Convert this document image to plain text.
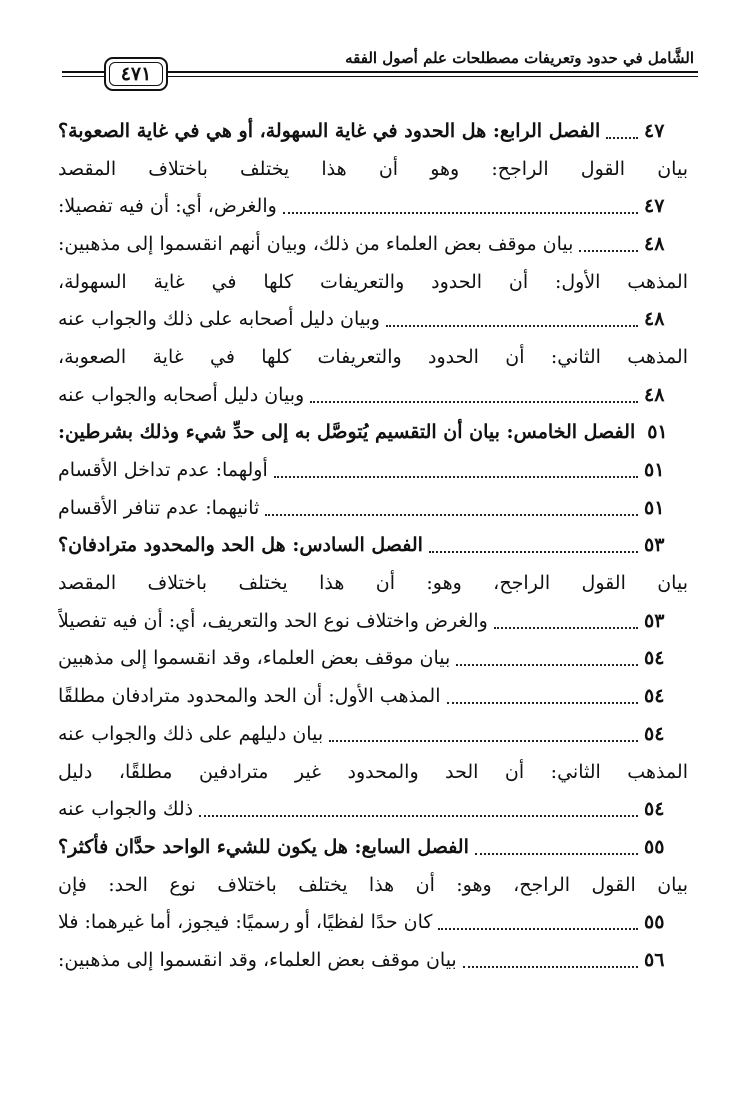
الشَّامل في حدود وتعريفات مصطلحات علم أصول الفقه
٤٧١
الفصل الرابع: هل الحدود في غاية السهولة، أو هي في غاية الصعوبة؟ ٤٧
بيان القول الراجح: وهو أن هذا يختلف باختلاف المقصد
والغرض، أي: أن فيه تفصيلا:	٤٧
بيان موقف بعض العلماء من ذلك، وبيان أنهم انقسموا إلى مذهبين:	٤٨
المذهب الأول: أن الحدود والتعريفات كلها في غاية السهولة،
وبيان دليل أصحابه على ذلك والجواب عنه	٤٨
المذهب الثاني: أن الحدود والتعريفات كلها في غاية الصعوبة،
وبيان دليل أصحابه والجواب عنه	٤٨
الفصل الخامس: بيان أن التقسيم يُتوصَّل به إلى حدِّ شيء وذلك بشرطين: ٥١
أولهما: عدم تداخل الأقسام	٥١
ثانيهما: عدم تنافر الأقسام	٥١
الفصل السادس: هل الحد والمحدود مترادفان؟	٥٣
بيان القول الراجح، وهو: أن هذا يختلف باختلاف المقصد
والغرض واختلاف نوع الحد والتعريف، أي: أن فيه تفصيلاً	٥٣
بيان موقف بعض العلماء، وقد انقسموا إلى مذهبين	٥٤
المذهب الأول: أن الحد والمحدود مترادفان مطلقًا	٥٤
بيان دليلهم على ذلك والجواب عنه	٥٤
المذهب الثاني: أن الحد والمحدود غير مترادفين مطلقًا، دليل
ذلك والجواب عنه	٥٤
الفصل السابع: هل يكون للشيء الواحد حدَّان فأكثر؟	٥٥
بيان القول الراجح، وهو: أن هذا يختلف باختلاف نوع الحد: فإن
كان حدًا لفظيًا، أو رسميًا: فيجوز، أما غيرهما: فلا	٥٥
بيان موقف بعض العلماء، وقد انقسموا إلى مذهبين:	٥٦
